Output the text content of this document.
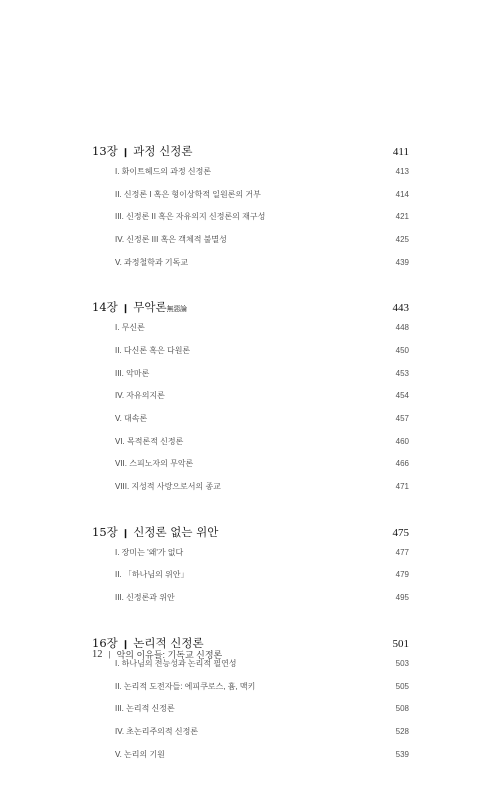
13장 ❙ 과정 신정론	411
I. 화이트헤드의 과정 신정론	413
II. 신정론 I 혹은 형이상학적 일원론의 거부	414
III. 신정론 II 혹은 자유의지 신정론의 재구성	421
IV. 신정론 III 혹은 객체적 불멸성	425
V. 과정철학과 기독교	439
14장 ❙ 무악론 無惡論	443
I. 무신론	448
II. 다신론 혹은 다원론	450
III. 악마론	453
IV. 자유의지론	454
V. 대속론	457
VI. 목적론적 신정론	460
VII. 스피노자의 무악론	466
VIII. 지성적 사랑으로서의 종교	471
15장 ❙ 신정론 없는 위안	475
I. 장미는 '왜'가 없다	477
II. 「하나님의 위안」	479
III. 신정론과 위안	495
16장 ❙ 논리적 신정론	501
I. 하나님의 전능성과 논리적 필연성	503
II. 논리적 도전자들: 에피쿠로스, 흄, 맥키	505
III. 논리적 신정론	508
IV. 초논리주의적 신정론	528
V. 논리의 기원	539
12 | 악의 이유들: 기독교 신정론
